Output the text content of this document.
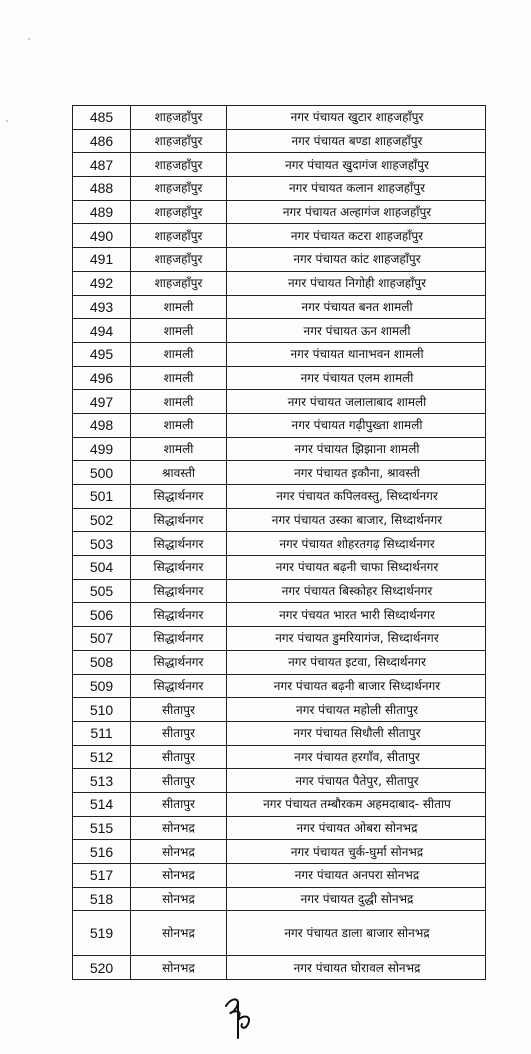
485	शाहजहाँपुर	नगर पंचायत खुटार शाहजहाँपुर
486	शाहजहाँपुर	नगर पंचायत बण्डा शाहजहाँपुर
487	शाहजहाँपुर	नगर पंचायत खुदागंज शाहजहाँपुर
488	शाहजहाँपुर	नगर पंचायत कलान शाहजहाँपुर
489	शाहजहाँपुर	नगर पंचायत अल्हागंज शाहजहाँपुर
490	शाहजहाँपुर	नगर पंचायत कटरा शाहजहाँपुर
491	शाहजहाँपुर	नगर पंचायत कांट शाहजहाँपुर
492	शाहजहाँपुर	नगर पंचायत निगोही शाहजहाँपुर
493	शामली	नगर पंचायत बनत शामली
494	शामली	नगर पंचायत ऊन शामली
495	शामली	नगर पंचायत थानाभवन शामली
496	शामली	नगर पंचायत एलम शामली
497	शामली	नगर पंचायत जलालाबाद शामली
498	शामली	नगर पंचायत गढ़ीपुख्ता शामली
499	शामली	नगर पंचायत झिझाना शामली
500	श्रावस्ती	नगर पंचायत इकौना, श्रावस्ती
501	सिद्धार्थनगर	नगर पंचायत कपिलवस्तु, सिध्दार्थनगर
502	सिद्धार्थनगर	नगर पंचायत उस्का बाजार, सिध्दार्थनगर
503	सिद्धार्थनगर	नगर पंचायत शोहरतगढ़ सिध्दार्थनगर
504	सिद्धार्थनगर	नगर पंचायत बढ़नी चाफा सिध्दार्थनगर
505	सिद्धार्थनगर	नगर पंचायत बिस्कोहर सिध्दार्थनगर
506	सिद्धार्थनगर	नगर पंचयत भारत भारी सिध्दार्थनगर
507	सिद्धार्थनगर	नगर पंचायत डुमरियागंज, सिध्दार्थनगर
508	सिद्धार्थनगर	नगर पंचायत इटवा, सिध्दार्थनगर
509	सिद्धार्थनगर	नगर पंचायत बढ़नी बाजार सिध्दार्थनगर
510	सीतापुर	नगर पंचायत महोली सीतापुर
511	सीतापुर	नगर पंचायत सिधौली सीतापुर
512	सीतापुर	नगर पंचायत हरगाँव, सीतापुर
513	सीतापुर	नगर पंचायत पैतेपुर, सीतापुर
514	सीतापुर	नगर पंचायत तम्बौरकम अहमदाबाद- सीताप
515	सोनभद्र	नगर पंचायत ओबरा सोनभद्र
516	सोनभद्र	नगर पंचायत चुर्क-घुर्मा सोनभद्र
517	सोनभद्र	नगर पंचायत अनपरा सोनभद्र
518	सोनभद्र	नगर पंचायत दुद्धी सोनभद्र
519	सोनभद्र	नगर पंचायत डाला बाजार सोनभद्र
520	सोनभद्र	नगर पंचायत घोरावल सोनभद्र
